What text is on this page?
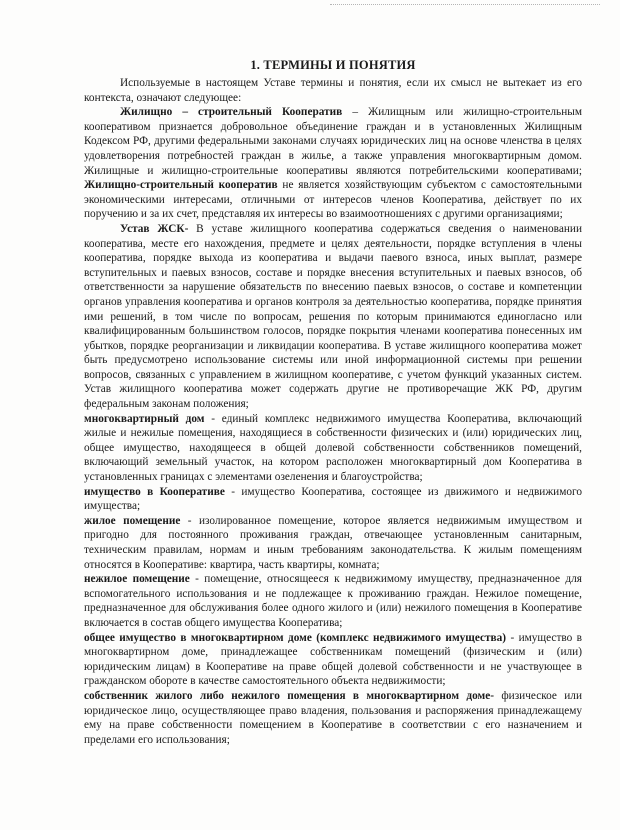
1. ТЕРМИНЫ И ПОНЯТИЯ

Используемые в настоящем Уставе термины и понятия, если их смысл не вытекает из его контекста, означают следующее:

Жилищно – строительный Кооператив – Жилищным или жилищно-строительным кооперативом признается добровольное объединение граждан и в установленных Жилищным Кодексом РФ, другими федеральными законами случаях юридических лиц на основе членства в целях удовлетворения потребностей граждан в жилье, а также управления многоквартирным домом. Жилищные и жилищно-строительные кооперативы являются потребительскими кооперативами; Жилищно-строительный кооператив не является хозяйствующим субъектом с самостоятельными экономическими интересами, отличными от интересов членов Кооператива, действует по их поручению и за их счет, представляя их интересы во взаимоотношениях с другими организациями;

Устав ЖСК- В уставе жилищного кооператива содержаться сведения о наименовании кооператива, месте его нахождения, предмете и целях деятельности, порядке вступления в члены кооператива, порядке выхода из кооператива и выдачи паевого взноса, иных выплат, размере вступительных и паевых взносов, составе и порядке внесения вступительных и паевых взносов, об ответственности за нарушение обязательств по внесению паевых взносов, о составе и компетенции органов управления кооператива и органов контроля за деятельностью кооператива, порядке принятия ими решений, в том числе по вопросам, решения по которым принимаются единогласно или квалифицированным большинством голосов, порядке покрытия членами кооператива понесенных им убытков, порядке реорганизации и ликвидации кооператива. В уставе жилищного кооператива может быть предусмотрено использование системы или иной информационной системы при решении вопросов, связанных с управлением в жилищном кооперативе, с учетом функций указанных систем. Устав жилищного кооператива может содержать другие не противоречащие ЖК РФ, другим федеральным законам положения;

многоквартирный дом - единый комплекс недвижимого имущества Кооператива, включающий жилые и нежилые помещения, находящиеся в собственности физических и (или) юридических лиц, общее имущество, находящееся в общей долевой собственности собственников помещений, включающий земельный участок, на котором расположен многоквартирный дом Кооператива в установленных границах с элементами озеленения и благоустройства;

имущество в Кооперативе - имущество Кооператива, состоящее из движимого и недвижимого имущества;

жилое помещение - изолированное помещение, которое является недвижимым имуществом и пригодно для постоянного проживания граждан, отвечающее установленным санитарным, техническим правилам, нормам и иным требованиям законодательства. К жилым помещениям относятся в Кооперативе: квартира, часть квартиры, комната;

нежилое помещение - помещение, относящееся к недвижимому имуществу, предназначенное для вспомогательного использования и не подлежащее к проживанию граждан. Нежилое помещение, предназначенное для обслуживания более одного жилого и (или) нежилого помещения в Кооперативе включается в состав общего имущества Кооператива;

общее имущество в многоквартирном доме (комплекс недвижимого имущества) - имущество в многоквартирном доме, принадлежащее собственникам помещений (физическим и (или) юридическим лицам) в Кооперативе на праве общей долевой собственности и не участвующее в гражданском обороте в качестве самостоятельного объекта недвижимости;

собственник жилого либо нежилого помещения в многоквартирном доме- физическое или юридическое лицо, осуществляющее право владения, пользования и распоряжения принадлежащему ему на праве собственности помещением в Кооперативе в соответствии с его назначением и пределами его использования;
